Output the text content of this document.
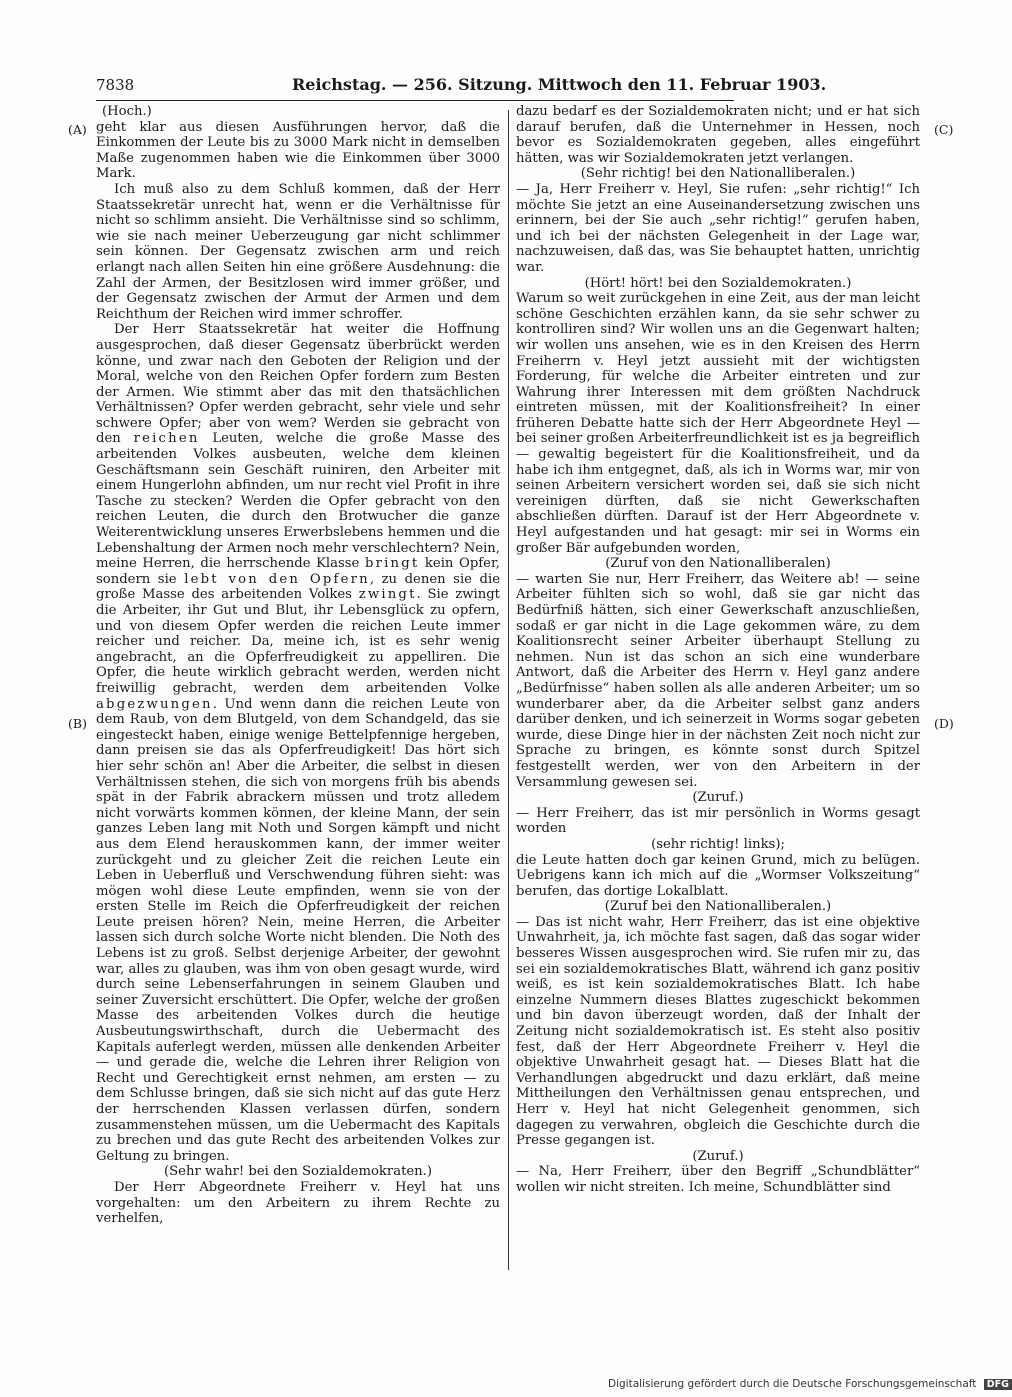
7838	Reichstag. — 256. Sitzung. Mittwoch den 11. Februar 1903.
(A)
(B)
(C)
(D)

(Hoch.)

geht klar aus diesen Ausführungen hervor, daß die Einkommen der Leute bis zu 3000 Mark nicht in demselben Maße zugenommen haben wie die Einkommen über 3000 Mark.

Ich muß also zu dem Schluß kommen, daß der Herr Staatssekretär unrecht hat, wenn er die Verhältnisse für nicht so schlimm ansieht. Die Verhältnisse sind so schlimm, wie sie nach meiner Ueberzeugung gar nicht schlimmer sein können. Der Gegensatz zwischen arm und reich erlangt nach allen Seiten hin eine größere Ausdehnung: die Zahl der Armen, der Besitzlosen wird immer größer, und der Gegensatz zwischen der Armut der Armen und dem Reichthum der Reichen wird immer schroffer.

Der Herr Staatssekretär hat weiter die Hoffnung ausgesprochen, daß dieser Gegensatz überbrückt werden könne, und zwar nach den Geboten der Religion und der Moral, welche von den Reichen Opfer fordern zum Besten der Armen. Wie stimmt aber das mit den thatsächlichen Verhältnissen? Opfer werden gebracht, sehr viele und sehr schwere Opfer; aber von wem? Werden sie gebracht von den reichen Leuten, welche die große Masse des arbeitenden Volkes ausbeuten, welche dem kleinen Geschäftsmann sein Geschäft ruiniren, den Arbeiter mit einem Hungerlohn abfinden, um nur recht viel Profit in ihre Tasche zu stecken? Werden die Opfer gebracht von den reichen Leuten, die durch den Brotwucher die ganze Weiterentwicklung unseres Erwerbslebens hemmen und die Lebenshaltung der Armen noch mehr verschlechtern? Nein, meine Herren, die herrschende Klasse bringt kein Opfer, sondern sie lebt von den Opfern, zu denen sie die große Masse des arbeitenden Volkes zwingt. Sie zwingt die Arbeiter, ihr Gut und Blut, ihr Lebensglück zu opfern, und von diesem Opfer werden die reichen Leute immer reicher und reicher. Da, meine ich, ist es sehr wenig angebracht, an die Opferfreudigkeit zu appelliren. Die Opfer, die heute wirklich gebracht werden, werden nicht freiwillig gebracht, werden dem arbeitenden Volke abgezwungen. Und wenn dann die reichen Leute von dem Raub, von dem Blutgeld, von dem Schandgeld, das sie eingesteckt haben, einige wenige Bettelpfennige hergeben, dann preisen sie das als Opferfreudigkeit! Das hört sich hier sehr schön an! Aber die Arbeiter, die selbst in diesen Verhältnissen stehen, die sich von morgens früh bis abends spät in der Fabrik abrackern müssen und trotz alledem nicht vorwärts kommen können, der kleine Mann, der sein ganzes Leben lang mit Noth und Sorgen kämpft und nicht aus dem Elend herauskommen kann, der immer weiter zurückgeht und zu gleicher Zeit die reichen Leute ein Leben in Ueberfluß und Verschwendung führen sieht: was mögen wohl diese Leute empfinden, wenn sie von der ersten Stelle im Reich die Opferfreudigkeit der reichen Leute preisen hören? Nein, meine Herren, die Arbeiter lassen sich durch solche Worte nicht blenden. Die Noth des Lebens ist zu groß. Selbst derjenige Arbeiter, der gewohnt war, alles zu glauben, was ihm von oben gesagt wurde, wird durch seine Lebenserfahrungen in seinem Glauben und seiner Zuversicht erschüttert. Die Opfer, welche der großen Masse des arbeitenden Volkes durch die heutige Ausbeutungswirthschaft, durch die Uebermacht des Kapitals auferlegt werden, müssen alle denkenden Arbeiter — und gerade die, welche die Lehren ihrer Religion von Recht und Gerechtigkeit ernst nehmen, am ersten — zu dem Schlusse bringen, daß sie sich nicht auf das gute Herz der herrschenden Klassen verlassen dürfen, sondern zusammenstehen müssen, um die Uebermacht des Kapitals zu brechen und das gute Recht des arbeitenden Volkes zur Geltung zu bringen.

(Sehr wahr! bei den Sozialdemokraten.)

Der Herr Abgeordnete Freiherr v. Heyl hat uns vorgehalten: um den Arbeitern zu ihrem Rechte zu verhelfen,

dazu bedarf es der Sozialdemokraten nicht; und er hat sich darauf berufen, daß die Unternehmer in Hessen, noch bevor es Sozialdemokraten gegeben, alles eingeführt hätten, was wir Sozialdemokraten jetzt verlangen.

(Sehr richtig! bei den Nationalliberalen.)

— Ja, Herr Freiherr v. Heyl, Sie rufen: „sehr richtig!“ Ich möchte Sie jetzt an eine Auseinandersetzung zwischen uns erinnern, bei der Sie auch „sehr richtig!“ gerufen haben, und ich bei der nächsten Gelegenheit in der Lage war, nachzuweisen, daß das, was Sie behauptet hatten, unrichtig war.

(Hört! hört! bei den Sozialdemokraten.)

Warum so weit zurückgehen in eine Zeit, aus der man leicht schöne Geschichten erzählen kann, da sie sehr schwer zu kontrolliren sind? Wir wollen uns an die Gegenwart halten; wir wollen uns ansehen, wie es in den Kreisen des Herrn Freiherrn v. Heyl jetzt aussieht mit der wichtigsten Forderung, für welche die Arbeiter eintreten und zur Wahrung ihrer Interessen mit dem größten Nachdruck eintreten müssen, mit der Koalitionsfreiheit? In einer früheren Debatte hatte sich der Herr Abgeordnete Heyl — bei seiner großen Arbeiterfreundlichkeit ist es ja begreiflich — gewaltig begeistert für die Koalitionsfreiheit, und da habe ich ihm entgegnet, daß, als ich in Worms war, mir von seinen Arbeitern versichert worden sei, daß sie sich nicht vereinigen dürften, daß sie nicht Gewerkschaften abschließen dürften. Darauf ist der Herr Abgeordnete v. Heyl aufgestanden und hat gesagt: mir sei in Worms ein großer Bär aufgebunden worden,

(Zuruf von den Nationalliberalen)

— warten Sie nur, Herr Freiherr, das Weitere ab! — seine Arbeiter fühlten sich so wohl, daß sie gar nicht das Bedürfniß hätten, sich einer Gewerkschaft anzuschließen, sodaß er gar nicht in die Lage gekommen wäre, zu dem Koalitionsrecht seiner Arbeiter überhaupt Stellung zu nehmen. Nun ist das schon an sich eine wunderbare Antwort, daß die Arbeiter des Herrn v. Heyl ganz andere „Bedürfnisse“ haben sollen als alle anderen Arbeiter; um so wunderbarer aber, da die Arbeiter selbst ganz anders darüber denken, und ich seinerzeit in Worms sogar gebeten wurde, diese Dinge hier in der nächsten Zeit noch nicht zur Sprache zu bringen, es könnte sonst durch Spitzel festgestellt werden, wer von den Arbeitern in der Versammlung gewesen sei.

(Zuruf.)

— Herr Freiherr, das ist mir persönlich in Worms gesagt worden

(sehr richtig! links);

die Leute hatten doch gar keinen Grund, mich zu belügen. Uebrigens kann ich mich auf die „Wormser Volkszeitung“ berufen, das dortige Lokalblatt.

(Zuruf bei den Nationalliberalen.)

— Das ist nicht wahr, Herr Freiherr, das ist eine objektive Unwahrheit, ja, ich möchte fast sagen, daß das sogar wider besseres Wissen ausgesprochen wird. Sie rufen mir zu, das sei ein sozialdemokratisches Blatt, während ich ganz positiv weiß, es ist kein sozialdemokratisches Blatt. Ich habe einzelne Nummern dieses Blattes zugeschickt bekommen und bin davon überzeugt worden, daß der Inhalt der Zeitung nicht sozialdemokratisch ist. Es steht also positiv fest, daß der Herr Abgeordnete Freiherr v. Heyl die objektive Unwahrheit gesagt hat. — Dieses Blatt hat die Verhandlungen abgedruckt und dazu erklärt, daß meine Mittheilungen den Verhältnissen genau entsprechen, und Herr v. Heyl hat nicht Gelegenheit genommen, sich dagegen zu verwahren, obgleich die Geschichte durch die Presse gegangen ist.

(Zuruf.)

— Na, Herr Freiherr, über den Begriff „Schundblätter“ wollen wir nicht streiten. Ich meine, Schundblätter sind

Digitalisierung gefördert durch die Deutsche Forschungsgemeinschaft DFG
